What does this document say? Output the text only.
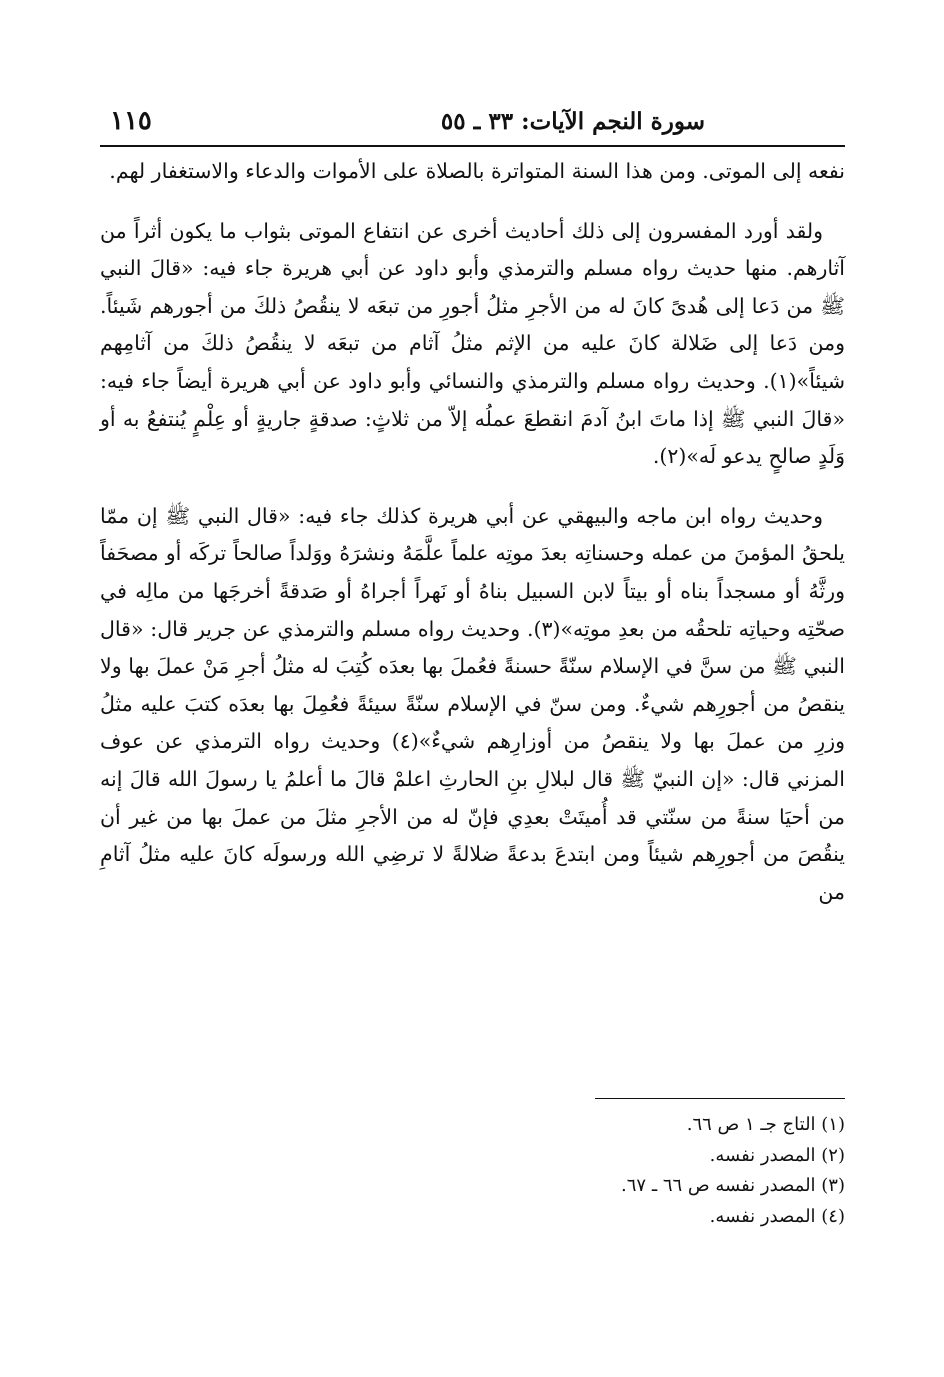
سورة النجم الآيات: ٣٣ ـ ٥٥
١١٥

نفعه إلى الموتى. ومن هذا السنة المتواترة بالصلاة على الأموات والدعاء والاستغفار لهم.

ولقد أورد المفسرون إلى ذلك أحاديث أخرى عن انتفاع الموتى بثواب ما يكون أثراً من آثارهم. منها حديث رواه مسلم والترمذي وأبو داود عن أبي هريرة جاء فيه: «قالَ النبي ﷺ من دَعا إلى هُدىً كانَ له من الأجرِ مثلُ أجورِ من تبعَه لا ينقُصُ ذلكَ من أجورهم شَيئاً. ومن دَعا إلى ضَلالة كانَ عليه من الإثم مثلُ آثام من تبعَه لا ينقُصُ ذلكَ من آثامِهم شيئاً»(١). وحديث رواه مسلم والترمذي والنسائي وأبو داود عن أبي هريرة أيضاً جاء فيه: «قالَ النبي ﷺ إذا ماتَ ابنُ آدمَ انقطعَ عملُه إلاّ من ثلاثٍ: صدقةٍ جاريةٍ أو عِلْمٍ يُنتفعُ به أو وَلَدٍ صالحٍ يدعو لَه»(٢).

وحديث رواه ابن ماجه والبيهقي عن أبي هريرة كذلك جاء فيه: «قال النبي ﷺ إن ممّا يلحقُ المؤمنَ من عمله وحسناتِه بعدَ موتِه علماً علَّمَهُ ونشرَهُ ووَلداً صالحاً تركَه أو مصحَفاً ورثَّهُ أو مسجداً بناه أو بيتاً لابن السبيل بناهُ أو نَهراً أجراهُ أو صَدقةً أخرجَها من مالِه في صحّتِه وحياتِه تلحقُه من بعدِ موتِه»(٣). وحديث رواه مسلم والترمذي عن جرير قال: «قال النبي ﷺ من سنَّ في الإسلام سنّةً حسنةً فعُملَ بها بعدَه كُتِبَ له مثلُ أجرِ مَنْ عملَ بها ولا ينقصُ من أجورِهم شيءٌ. ومن سنّ في الإسلام سنّةً سيئةً فعُمِلَ بها بعدَه كتبَ عليه مثلُ وزرِ من عملَ بها ولا ينقصُ من أوزارِهم شيءٌ»(٤) وحديث رواه الترمذي عن عوف المزني قال: «إن النبيّ ﷺ قال لبلالِ بنِ الحارثِ اعلمْ قالَ ما أعلمُ يا رسولَ الله قالَ إنه من أحيَا سنةً من سنّتي قد أُميتَتْ بعدِي فإنّ له من الأجرِ مثلَ من عملَ بها من غير أن ينقُصَ من أجورِهم شيئاً ومن ابتدعَ بدعةً ضلالةً لا ترضِي الله ورسولَه كانَ عليه مثلُ آثامِ من

(١) التاج جـ ١ ص ٦٦.
(٢) المصدر نفسه.
(٣) المصدر نفسه ص ٦٦ ـ ٦٧.
(٤) المصدر نفسه.
